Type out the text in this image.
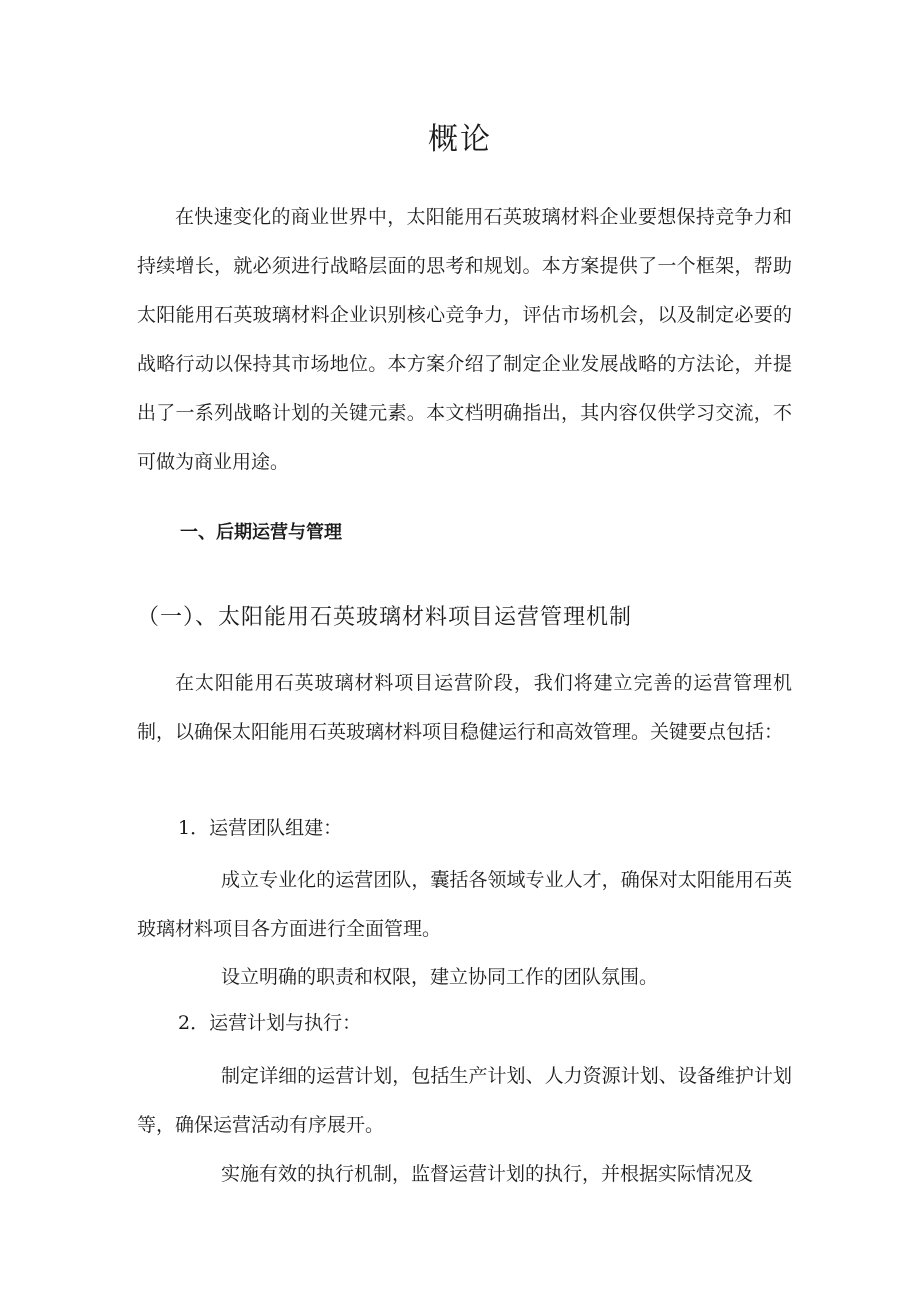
概论

在快速变化的商业世界中，太阳能用石英玻璃材料企业要想保持竞争力和持续增长，就必须进行战略层面的思考和规划。本方案提供了一个框架，帮助太阳能用石英玻璃材料企业识别核心竞争力，评估市场机会，以及制定必要的战略行动以保持其市场地位。本方案介绍了制定企业发展战略的方法论，并提出了一系列战略计划的关键元素。本文档明确指出，其内容仅供学习交流，不可做为商业用途。

一、后期运营与管理
（一）、太阳能用石英玻璃材料项目运营管理机制

在太阳能用石英玻璃材料项目运营阶段，我们将建立完善的运营管理机制，以确保太阳能用石英玻璃材料项目稳健运行和高效管理。关键要点包括：

1．运营团队组建：

成立专业化的运营团队，囊括各领域专业人才，确保对太阳能用石英玻璃材料项目各方面进行全面管理。

设立明确的职责和权限，建立协同工作的团队氛围。

2．运营计划与执行：

制定详细的运营计划，包括生产计划、人力资源计划、设备维护计划等，确保运营活动有序展开。

实施有效的执行机制，监督运营计划的执行，并根据实际情况及
